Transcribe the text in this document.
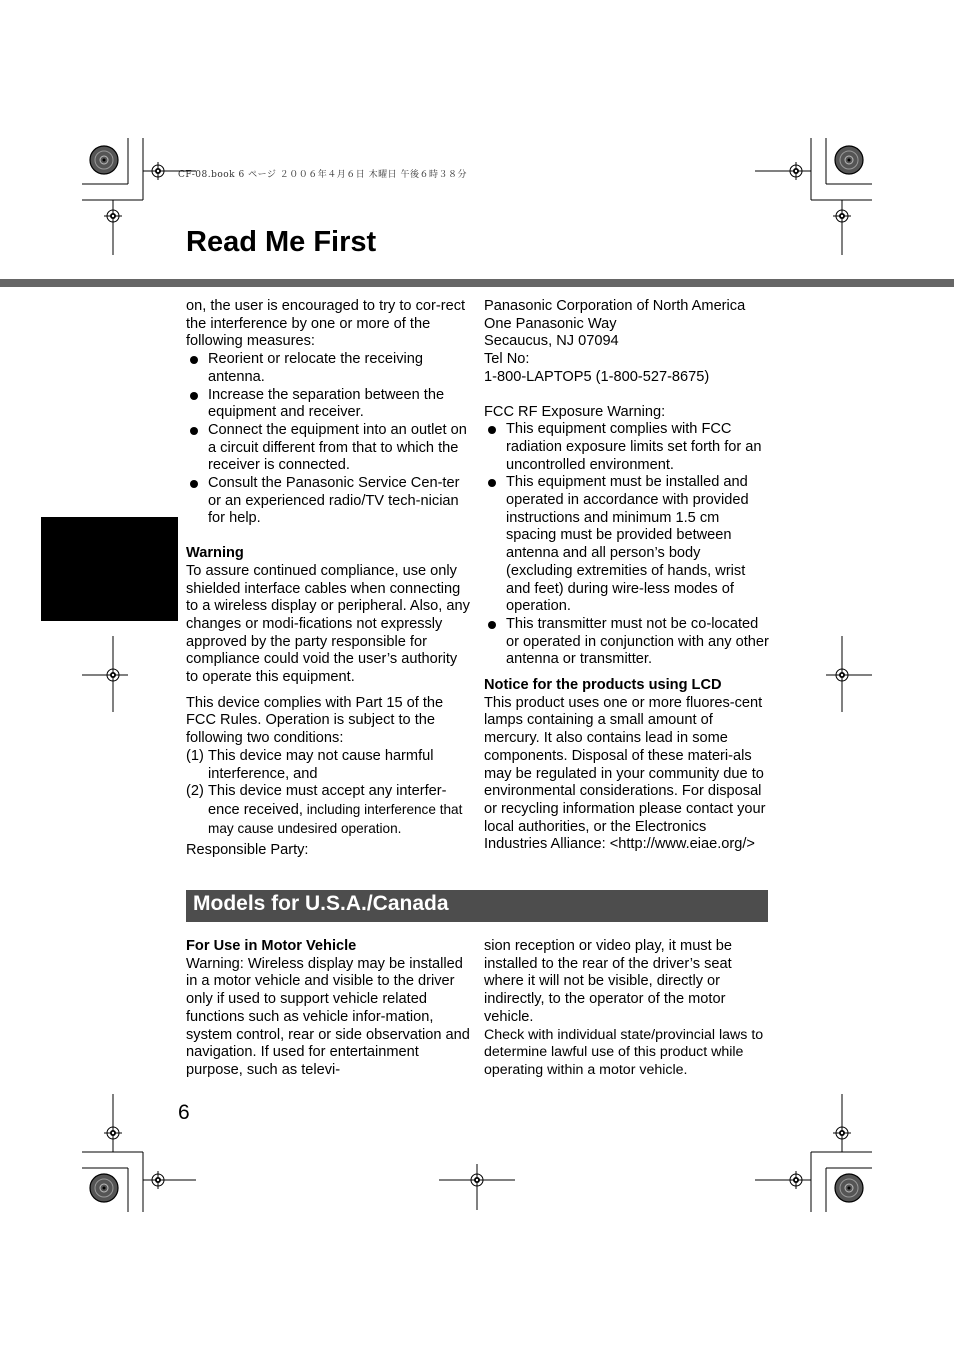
CF-08.book 6 ページ ２００６年４月６日 木曜日 午後６時３８分
Read Me First

on, the user is encouraged to try to cor-rect the interference by one or more of the following measures:

Reorient or relocate the receiving antenna.
Increase the separation between the equipment and receiver.
Connect the equipment into an outlet on a circuit different from that to which the receiver is connected.
Consult the Panasonic Service Cen-ter or an experienced radio/TV tech-nician for help.

Warning

To assure continued compliance, use only shielded interface cables when connecting to a wireless display or peripheral. Also, any changes or modi-fications not expressly approved by the party responsible for compliance could void the user’s authority to operate this equipment.

This device complies with Part 15 of the FCC Rules. Operation is subject to the following two conditions:

(1) This device may not cause harmful interference, and
(2) This device must accept any interfer-ence received, including interference that may cause undesired operation.

Responsible Party:

Panasonic Corporation of North America

One Panasonic Way

Secaucus, NJ 07094

Tel No:

1-800-LAPTOP5 (1-800-527-8675)

FCC RF Exposure Warning:

This equipment complies with FCC radiation exposure limits set forth for an uncontrolled environment.
This equipment must be installed and operated in accordance with provided instructions and minimum 1.5 cm spacing must be provided between antenna and all person’s body (excluding extremities of hands, wrist and feet) during wire-less modes of operation.
This transmitter must not be co-located or operated in conjunction with any other antenna or transmitter.

Notice for the products using LCD

This product uses one or more fluores-cent lamps containing a small amount of mercury. It also contains lead in some components. Disposal of these materi-als may be regulated in your community due to environmental considerations. For disposal or recycling information please contact your local authorities, or the Electronics Industries Alliance: <http://www.eiae.org/>

Models for U.S.A./Canada

For Use in Motor Vehicle

Warning: Wireless display may be installed in a motor vehicle and visible to the driver only if used to support vehicle related functions such as vehicle infor-mation, system control, rear or side observation and navigation. If used for entertainment purpose, such as televi-

sion reception or video play, it must be installed to the rear of the driver’s seat where it will not be visible, directly or indirectly, to the operator of the motor vehicle.

Check with individual state/provincial laws to determine lawful use of this product while operating within a motor vehicle.

6
